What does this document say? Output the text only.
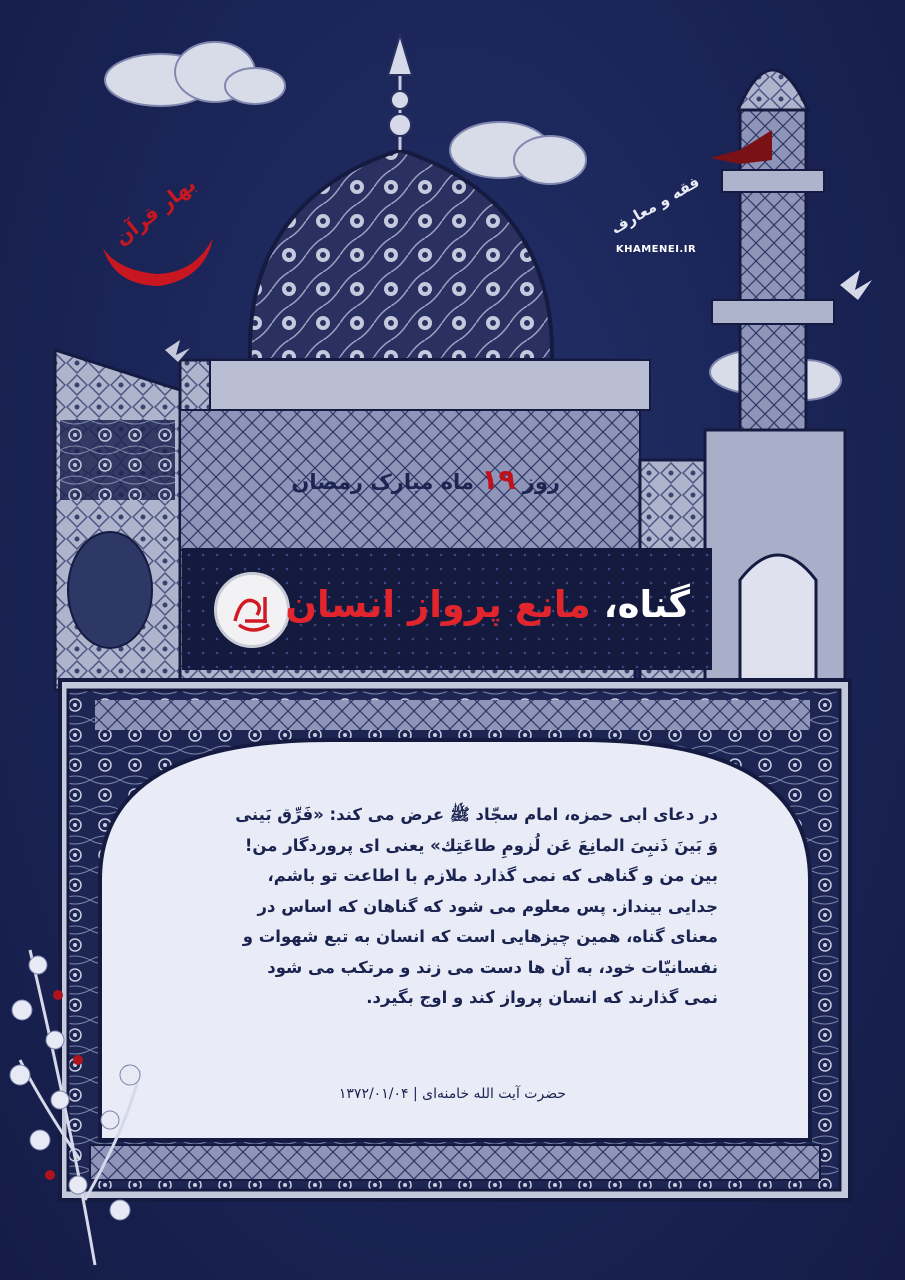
بهار قرآن	فقه و معارف
KHAMENEI.IR
روز ۱۹ ماه مبارک رمضان
گناه، مانع پرواز انسان
در دعای ابی حمزه، امام سجّاد ﷺ عرض می کند: «فَرِّق بَینی
وَ بَینَ ذَنبِیَ المانِعَ عَن لُزومِ طاعَتِك» یعنی ای پروردگار من!
بین من و گناهی که نمی گذارد ملازم با اطاعت تو باشم،
جدایی بینداز. پس معلوم می شود که گناهان که اساس در
معنای گناه، همین چیزهایی است که انسان به تبع شهوات و
نفسانیّات خود، به آن ها دست می زند و مرتکب می شود
نمی گذارند که انسان پرواز کند و اوج بگیرد.
حضرت آیت الله خامنه‌ای | ۱۳۷۲/۰۱/۰۴
